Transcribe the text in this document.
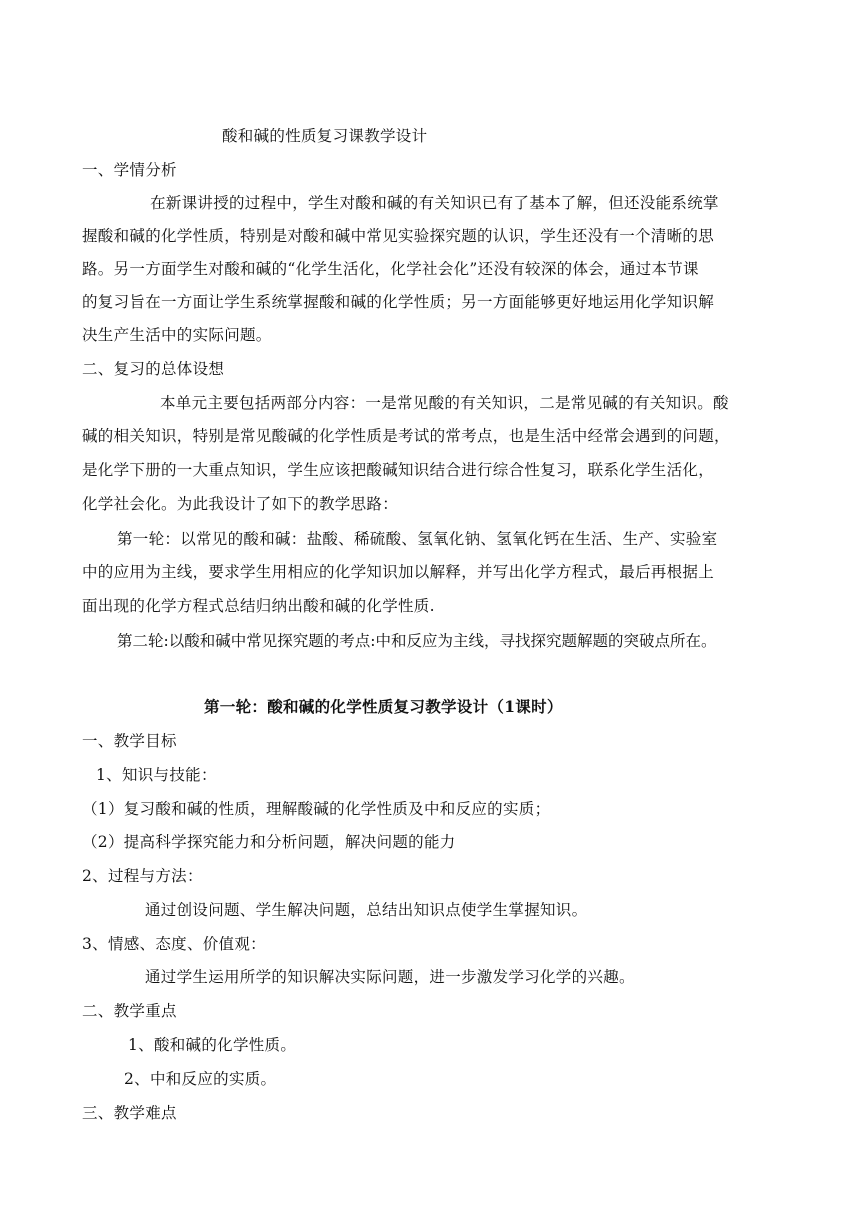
酸和碱的性质复习课教学设计
一、学情分析
在新课讲授的过程中，学生对酸和碱的有关知识已有了基本了解，但还没能系统掌
握酸和碱的化学性质，特别是对酸和碱中常见实验探究题的认识，学生还没有一个清晰的思
路。另一方面学生对酸和碱的“化学生活化，化学社会化”还没有较深的体会，通过本节课
的复习旨在一方面让学生系统掌握酸和碱的化学性质；另一方面能够更好地运用化学知识解
决生产生活中的实际问题。
二、复习的总体设想
本单元主要包括两部分内容：一是常见酸的有关知识，二是常见碱的有关知识。酸
碱的相关知识，特别是常见酸碱的化学性质是考试的常考点，也是生活中经常会遇到的问题，
是化学下册的一大重点知识，学生应该把酸碱知识结合进行综合性复习，联系化学生活化，
化学社会化。为此我设计了如下的教学思路：
第一轮：以常见的酸和碱：盐酸、稀硫酸、氢氧化钠、氢氧化钙在生活、生产、实验室
中的应用为主线，要求学生用相应的化学知识加以解释，并写出化学方程式，最后再根据上
面出现的化学方程式总结归纳出酸和碱的化学性质.
第二轮:以酸和碱中常见探究题的考点:中和反应为主线，寻找探究题解题的突破点所在。
第一轮：酸和碱的化学性质复习教学设计（1课时）
一、教学目标
1、知识与技能：
（1）复习酸和碱的性质，理解酸碱的化学性质及中和反应的实质；
（2）提高科学探究能力和分析问题，解决问题的能力
2、过程与方法：
通过创设问题、学生解决问题，总结出知识点使学生掌握知识。
3、情感、态度、价值观：
通过学生运用所学的知识解决实际问题，进一步激发学习化学的兴趣。
二、教学重点
1、酸和碱的化学性质。
2、中和反应的实质。
三、教学难点
